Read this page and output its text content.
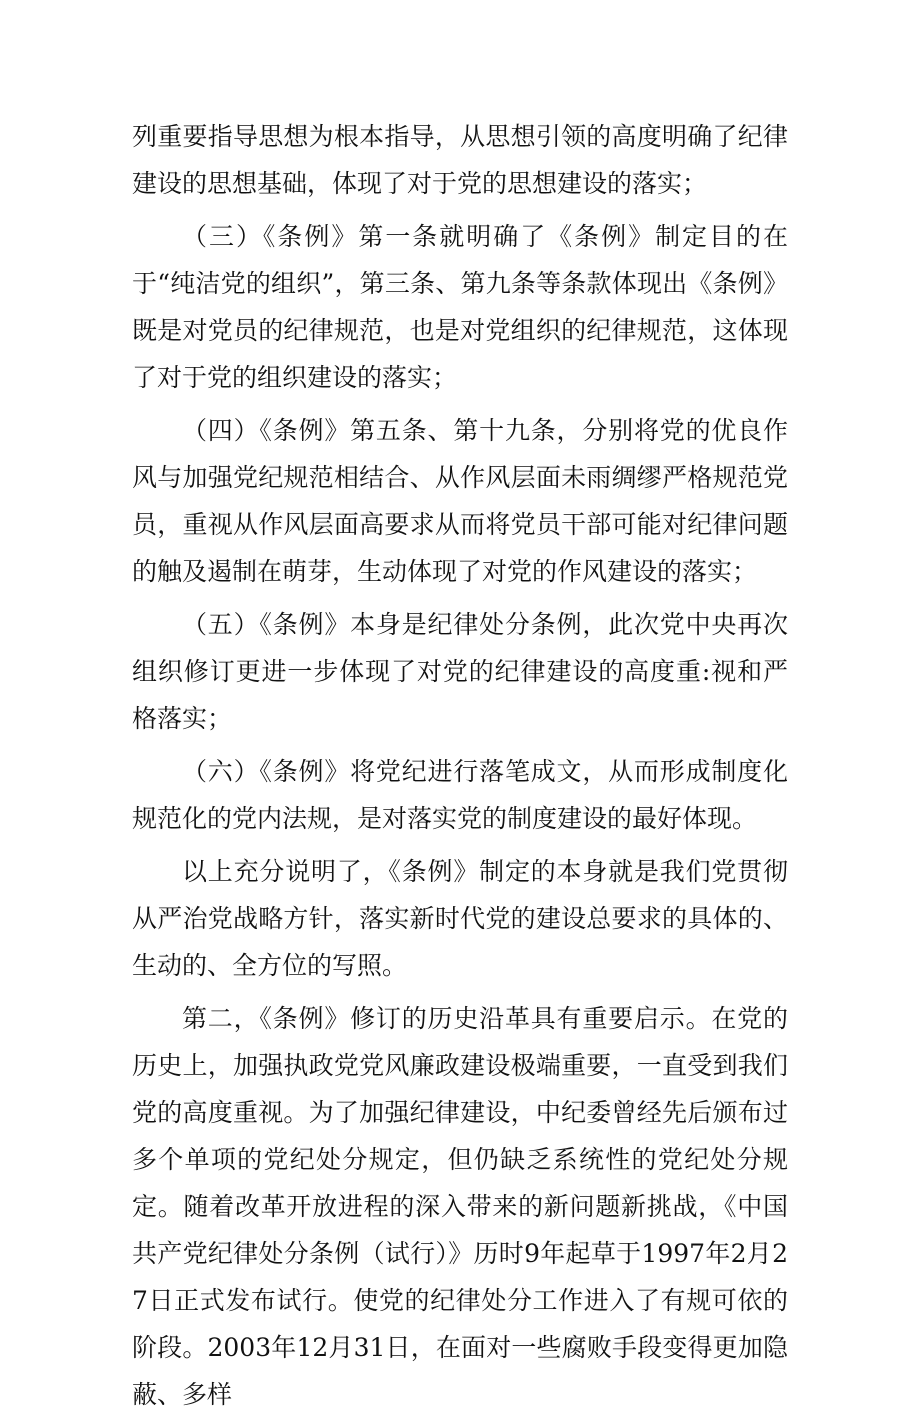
列重要指导思想为根本指导，从思想引领的高度明确了纪律建设的思想基础，体现了对于党的思想建设的落实；

（三）《条例》第一条就明确了《条例》制定目的在于“纯洁党的组织”，第三条、第九条等条款体现出《条例》既是对党员的纪律规范，也是对党组织的纪律规范，这体现了对于党的组织建设的落实；

（四）《条例》第五条、第十九条，分别将党的优良作风与加强党纪规范相结合、从作风层面未雨绸缪严格规范党员，重视从作风层面高要求从而将党员干部可能对纪律问题的触及遏制在萌芽，生动体现了对党的作风建设的落实；

（五）《条例》本身是纪律处分条例，此次党中央再次组织修订更进一步体现了对党的纪律建设的高度重:视和严格落实；

（六）《条例》将党纪进行落笔成文，从而形成制度化规范化的党内法规，是对落实党的制度建设的最好体现。

以上充分说明了，《条例》制定的本身就是我们党贯彻从严治党战略方针，落实新时代党的建设总要求的具体的、生动的、全方位的写照。

第二，《条例》修订的历史沿革具有重要启示。在党的历史上，加强执政党党风廉政建设极端重要，一直受到我们党的高度重视。为了加强纪律建设，中纪委曾经先后颁布过多个单项的党纪处分规定，但仍缺乏系统性的党纪处分规定。随着改革开放进程的深入带来的新问题新挑战，《中国共产党纪律处分条例（试行）》历时9年起草于1997年2月27日正式发布试行。使党的纪律处分工作进入了有规可依的阶段。2003年12月31日，在面对一些腐败手段变得更加隐蔽、多样
